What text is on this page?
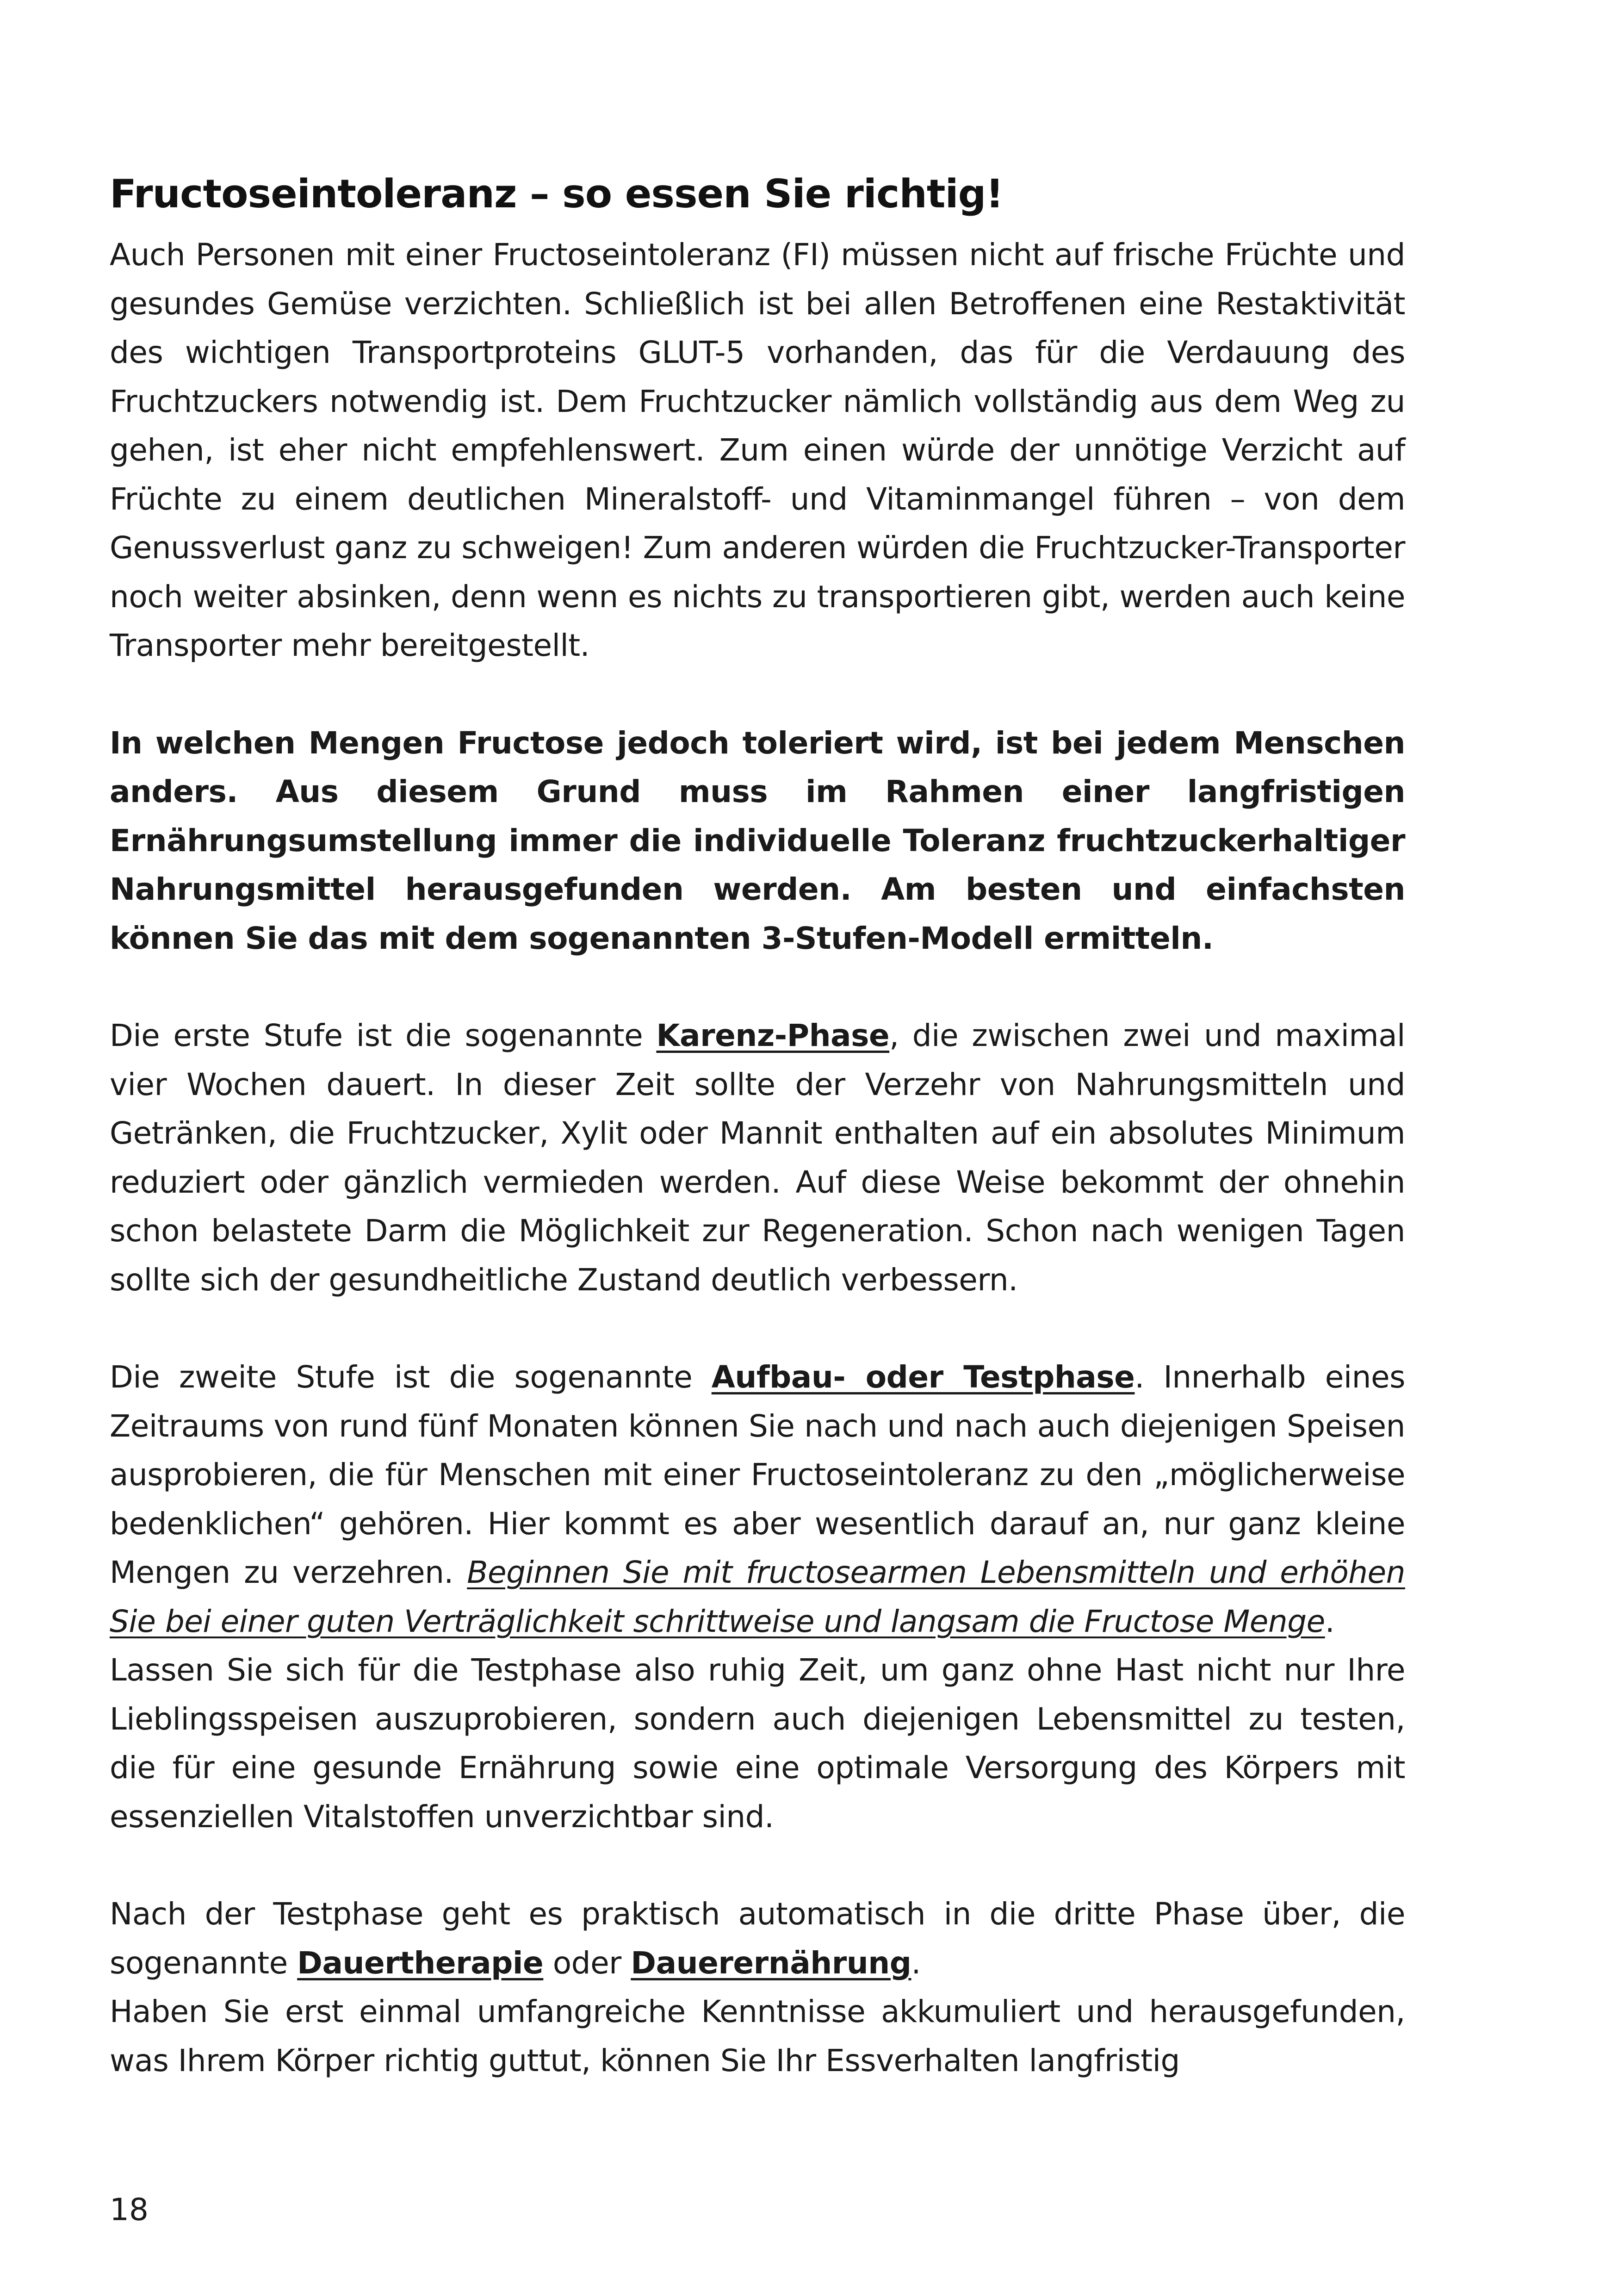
Fructoseintoleranz – so essen Sie richtig!

Auch Personen mit einer Fructoseintoleranz (FI) müssen nicht auf frische Früchte und gesundes Gemüse verzichten. Schließlich ist bei allen Betroffenen eine Restaktivität des wichtigen Transportproteins GLUT-5 vorhanden, das für die Verdauung des Fruchtzuckers notwendig ist. Dem Fruchtzucker nämlich vollständig aus dem Weg zu gehen, ist eher nicht empfehlenswert. Zum einen würde der unnötige Verzicht auf Früchte zu einem deutlichen Mineralstoff- und Vitaminmangel führen – von dem Genussverlust ganz zu schweigen! Zum anderen würden die Fruchtzucker-Transporter noch weiter absinken, denn wenn es nichts zu transportieren gibt, werden auch keine Transporter mehr bereitgestellt.

In welchen Mengen Fructose jedoch toleriert wird, ist bei jedem Menschen anders. Aus diesem Grund muss im Rahmen einer langfristigen Ernährungsumstellung immer die individuelle Toleranz fruchtzuckerhaltiger Nahrungsmittel herausgefunden werden. Am besten und einfachsten können Sie das mit dem sogenannten 3-Stufen-Modell ermitteln.

Die erste Stufe ist die sogenannte Karenz-Phase, die zwischen zwei und maximal vier Wochen dauert. In dieser Zeit sollte der Verzehr von Nahrungsmitteln und Getränken, die Fruchtzucker, Xylit oder Mannit enthalten auf ein absolutes Minimum reduziert oder gänzlich vermieden werden. Auf diese Weise bekommt der ohnehin schon belastete Darm die Möglichkeit zur Regeneration. Schon nach wenigen Tagen sollte sich der gesundheitliche Zustand deutlich verbessern.

Die zweite Stufe ist die sogenannte Aufbau- oder Testphase. Innerhalb eines Zeitraums von rund fünf Monaten können Sie nach und nach auch diejenigen Speisen ausprobieren, die für Menschen mit einer Fructoseintoleranz zu den „möglicherweise bedenklichen“ gehören. Hier kommt es aber wesentlich darauf an, nur ganz kleine Mengen zu verzehren. Beginnen Sie mit fructosearmen Lebensmitteln und erhöhen Sie bei einer guten Verträglichkeit schrittweise und langsam die Fructose Menge.

Lassen Sie sich für die Testphase also ruhig Zeit, um ganz ohne Hast nicht nur Ihre Lieblingsspeisen auszuprobieren, sondern auch diejenigen Lebensmittel zu testen, die für eine gesunde Ernährung sowie eine optimale Versorgung des Körpers mit essenziellen Vitalstoffen unverzichtbar sind.

Nach der Testphase geht es praktisch automatisch in die dritte Phase über, die sogenannte Dauertherapie oder Dauerernährung.

Haben Sie erst einmal umfangreiche Kenntnisse akkumuliert und herausgefunden, was Ihrem Körper richtig guttut, können Sie Ihr Essverhalten langfristig

18
